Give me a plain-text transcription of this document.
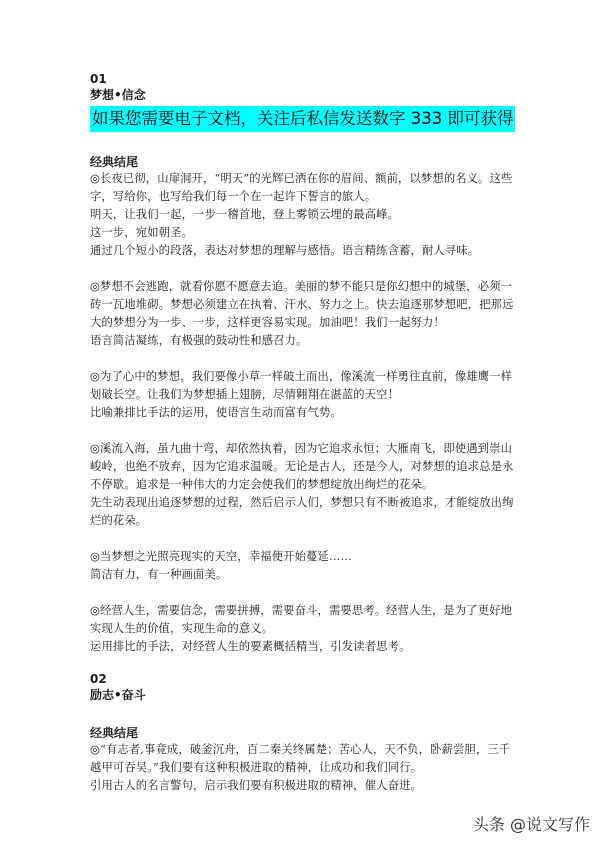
01

梦想•信念

如果您需要电子文档，关注后私信发送数字 333 即可获得

经典结尾

◎长夜已彻，山扉洞开，“明天”的光辉已洒在你的眉间、额前，以梦想的名义。这些字，写给你，也写给我们每一个在一起许下誓言的旅人。
明天，让我们一起，一步一稽首地，登上雾锁云埋的最高峰。
这一步，宛如朝圣。
通过几个短小的段落，表达对梦想的理解与感悟。语言精练含蓄，耐人寻味。

◎梦想不会逃跑，就看你愿不愿意去追。美丽的梦不能只是你幻想中的城堡，必须一砖一瓦地堆砌。梦想必须建立在执着、汗水、努力之上。快去追逐那梦想吧，把那远大的梦想分为一步、一步，这样更容易实现。加油吧！我们一起努力！
语言简洁凝练，有极强的鼓动性和感召力。

◎为了心中的梦想，我们要像小草一样破土而出，像溪流一样勇往直前，像雄鹰一样划破长空。让我们为梦想插上翅膀，尽情翱翔在湛蓝的天空！
比喻兼排比手法的运用，使语言生动而富有气势。

◎溪流入海，虽九曲十弯，却依然执着，因为它追求永恒；大雁南飞，即使遇到崇山峻岭，也绝不放弃，因为它追求温暖。无论是古人，还是今人，对梦想的追求总是永不停歇。追求是一种伟大的力定会使我们的梦想绽放出绚烂的花朵。
先生动表现出追逐梦想的过程，然后启示人们，梦想只有不断被追求，才能绽放出绚烂的花朵。

◎当梦想之光照亮现实的天空，幸福便开始蔓延……
简洁有力，有一种画面美。

◎经营人生，需要信念，需要拼搏，需要奋斗，需要思考。经营人生，是为了更好地实现人生的价值，实现生命的意义。
运用排比的手法，对经营人生的要素概括精当，引发读者思考。

02

励志•奋斗

经典结尾

◎“有志者,事竟成，破釜沉舟，百二秦关终属楚；苦心人，天不负，卧薪尝胆，三千越甲可吞吴。”我们要有这种积极进取的精神，让成功和我们同行。
引用古人的名言警句，启示我们要有积极进取的精神，催人奋进。

头条 @说文写作
